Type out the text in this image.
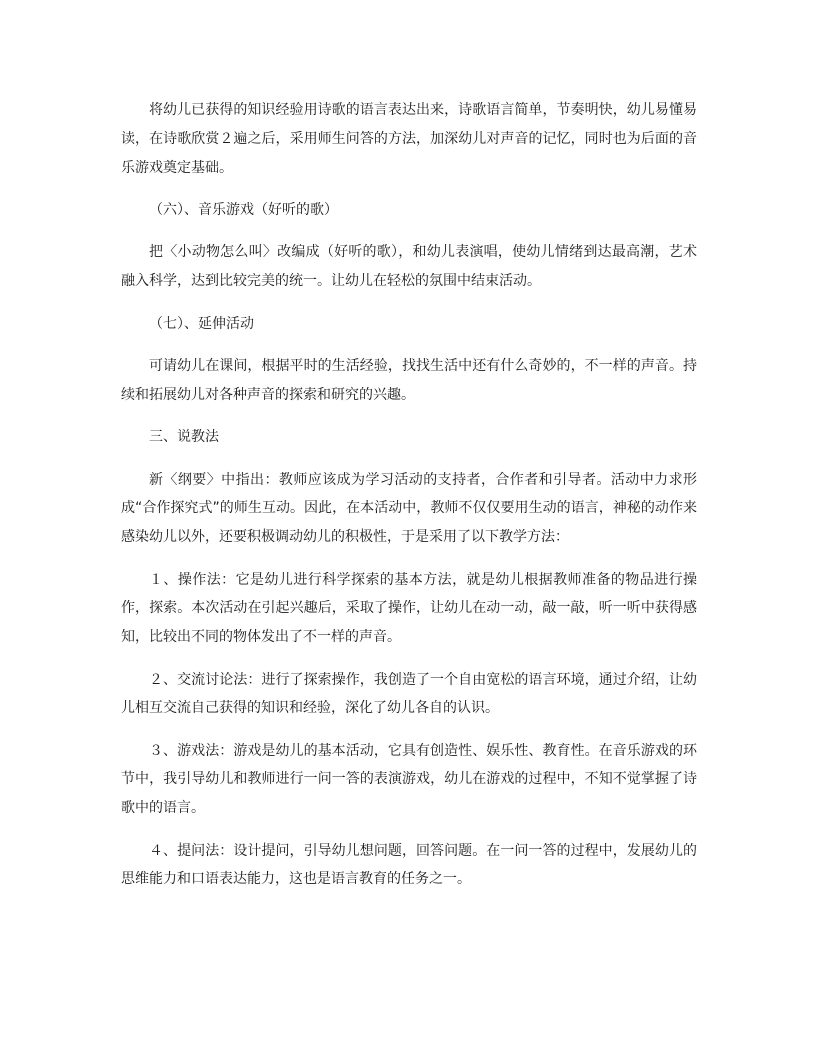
将幼儿已获得的知识经验用诗歌的语言表达出来，诗歌语言简单，节奏明快，幼儿易懂易读，在诗歌欣赏２遍之后，采用师生问答的方法，加深幼儿对声音的记忆，同时也为后面的音乐游戏奠定基础。

（六）、音乐游戏（好听的歌）

把〈小动物怎么叫〉改编成（好听的歌），和幼儿表演唱，使幼儿情绪到达最高潮，艺术融入科学，达到比较完美的统一。让幼儿在轻松的氛围中结束活动。

（七）、延伸活动

可请幼儿在课间，根据平时的生活经验，找找生活中还有什么奇妙的，不一样的声音。持续和拓展幼儿对各种声音的探索和研究的兴趣。

三、说教法

新〈纲要〉中指出：教师应该成为学习活动的支持者，合作者和引导者。活动中力求形成“合作探究式”的师生互动。因此，在本活动中，教师不仅仅要用生动的语言，神秘的动作来感染幼儿以外，还要积极调动幼儿的积极性，于是采用了以下教学方法：

１、操作法：它是幼儿进行科学探索的基本方法，就是幼儿根据教师准备的物品进行操作，探索。本次活动在引起兴趣后，采取了操作，让幼儿在动一动，敲一敲，听一听中获得感知，比较出不同的物体发出了不一样的声音。

２、交流讨论法：进行了探索操作，我创造了一个自由宽松的语言环境，通过介绍，让幼儿相互交流自己获得的知识和经验，深化了幼儿各自的认识。

３、游戏法：游戏是幼儿的基本活动，它具有创造性、娱乐性、教育性。在音乐游戏的环节中，我引导幼儿和教师进行一问一答的表演游戏，幼儿在游戏的过程中，不知不觉掌握了诗歌中的语言。

４、提问法：设计提问，引导幼儿想问题，回答问题。在一问一答的过程中，发展幼儿的思维能力和口语表达能力，这也是语言教育的任务之一。
